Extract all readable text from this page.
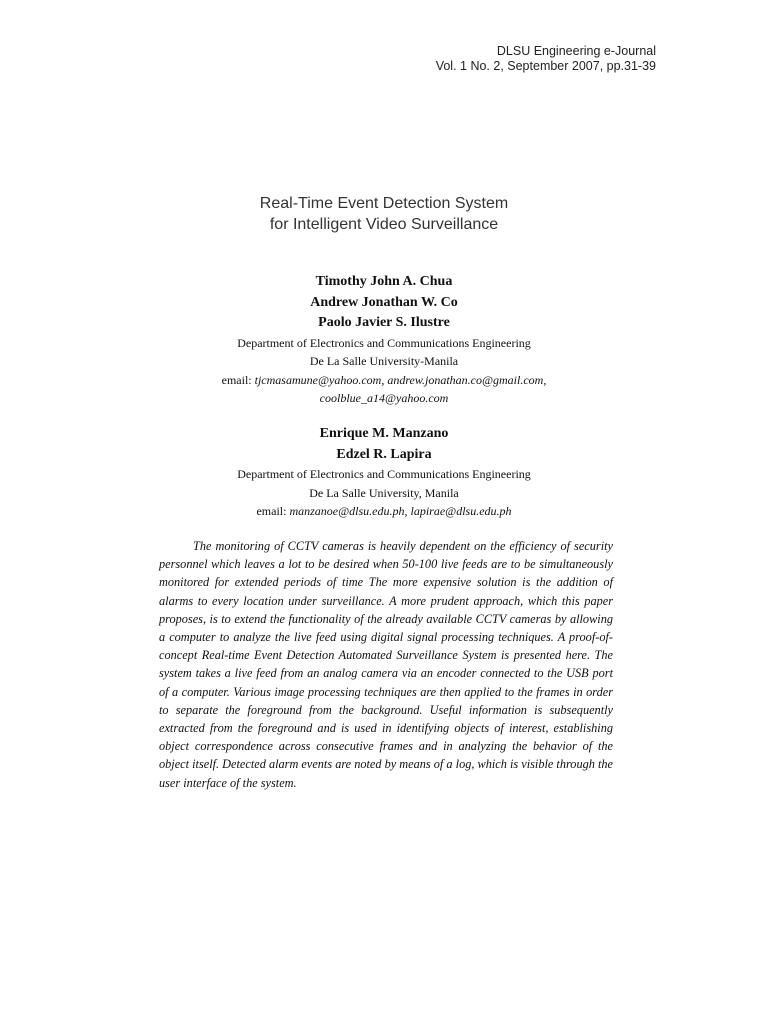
DLSU Engineering e-Journal
Vol. 1 No. 2, September 2007, pp.31-39
Real-Time Event Detection System
for Intelligent Video Surveillance
Timothy John A. Chua
Andrew Jonathan W. Co
Paolo Javier S. Ilustre
Department of Electronics and Communications Engineering
De La Salle University-Manila
email: tjcmasamune@yahoo.com, andrew.jonathan.co@gmail.com,
coolblue_a14@yahoo.com
Enrique M. Manzano
Edzel R. Lapira
Department of Electronics and Communications Engineering
De La Salle University, Manila
email: manzanoe@dlsu.edu.ph, lapirae@dlsu.edu.ph

The monitoring of CCTV cameras is heavily dependent on the efficiency of security personnel which leaves a lot to be desired when 50-100 live feeds are to be simultaneously monitored for extended periods of time The more expensive solution is the addition of alarms to every location under surveillance. A more prudent approach, which this paper proposes, is to extend the functionality of the already available CCTV cameras by allowing a computer to analyze the live feed using digital signal processing techniques. A proof-of-concept Real-time Event Detection Automated Surveillance System is presented here. The system takes a live feed from an analog camera via an encoder connected to the USB port of a computer. Various image processing techniques are then applied to the frames in order to separate the foreground from the background. Useful information is subsequently extracted from the foreground and is used in identifying objects of interest, establishing object correspondence across consecutive frames and in analyzing the behavior of the object itself. Detected alarm events are noted by means of a log, which is visible through the user interface of the system.
